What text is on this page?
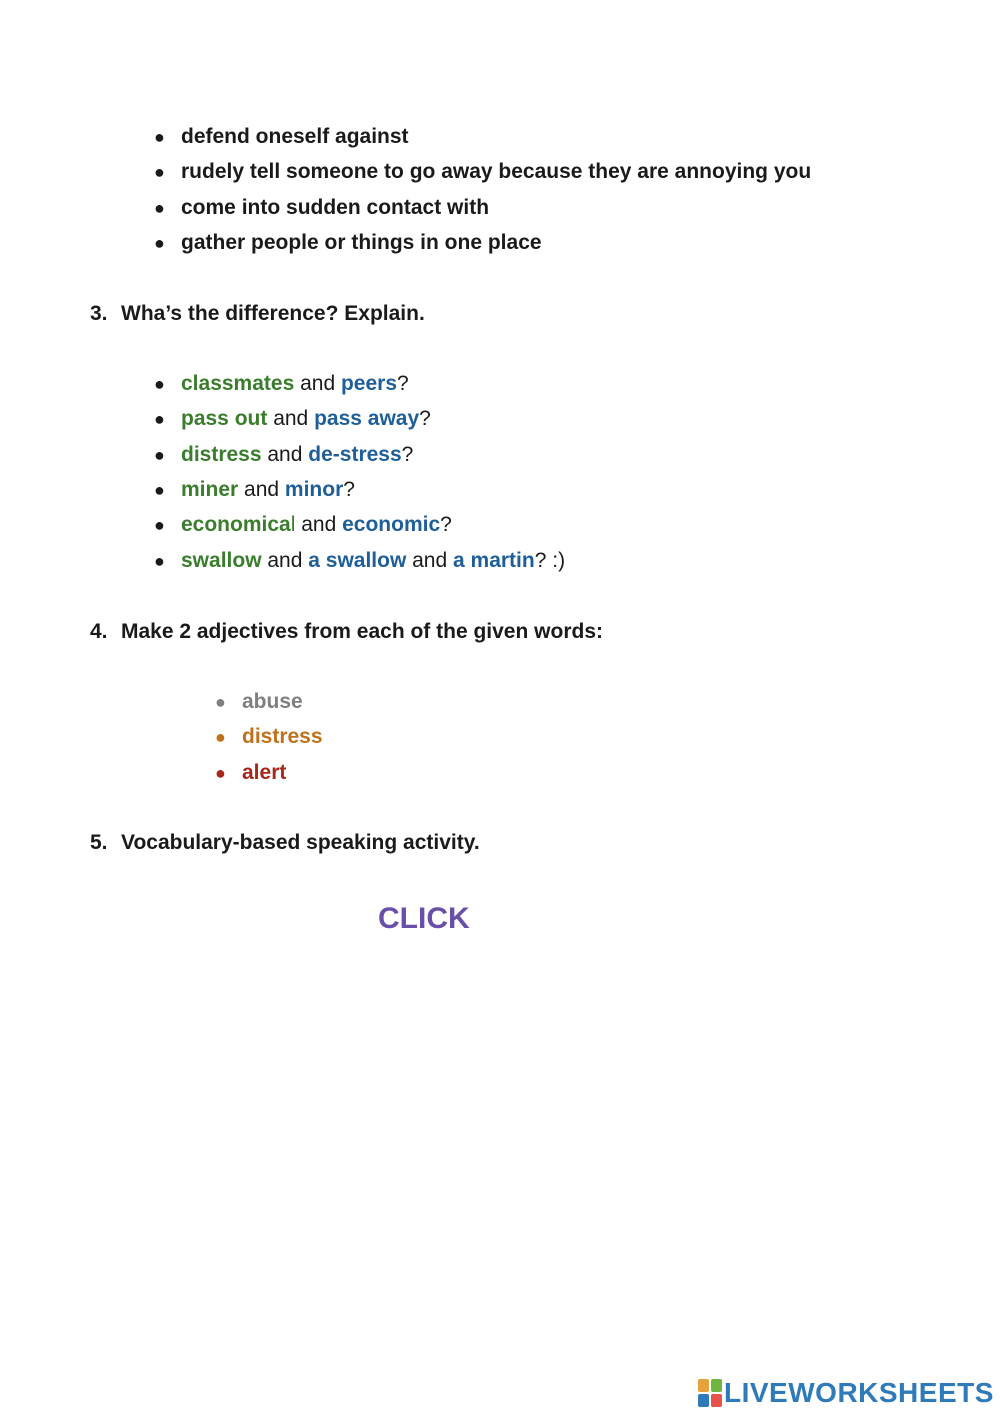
● defend oneself against
● rudely tell someone to go away because they are annoying you
● come into sudden contact with
● gather people or things in one place
3. Wha’s the difference? Explain.
● classmates and peers?
● pass out and pass away?
● distress and de-stress?
● miner and minor?
● economical and economic?
● swallow and a swallow and a martin? :)
4. Make 2 adjectives from each of the given words:
● abuse
● distress
● alert
5. Vocabulary-based speaking activity.
CLICK
LIVEWORKSHEETS
